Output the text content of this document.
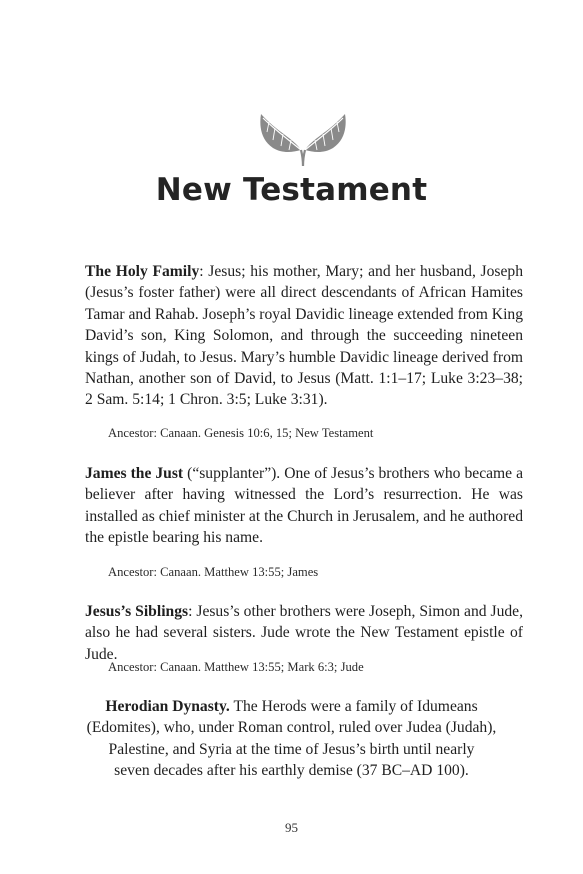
New Testament
The Holy Family: Jesus; his mother, Mary; and her husband, Joseph (Jesus’s foster father) were all direct descendants of African Hamites Tamar and Rahab. Joseph’s royal Davidic lineage extended from King David’s son, King Solomon, and through the succeeding nineteen kings of Judah, to Jesus. Mary’s humble Davidic lineage derived from Nathan, another son of David, to Jesus (Matt. 1:1–17; Luke 3:23–38; 2 Sam. 5:14; 1 Chron. 3:5; Luke 3:31).
Ancestor: Canaan. Genesis 10:6, 15; New Testament
James the Just (“supplanter”). One of Jesus’s brothers who became a believer after having witnessed the Lord’s resurrection. He was installed as chief minister at the Church in Jerusalem, and he authored the epistle bearing his name.
Ancestor: Canaan. Matthew 13:55; James
Jesus’s Siblings: Jesus’s other brothers were Joseph, Simon and Jude, also he had several sisters. Jude wrote the New Testament epistle of Jude.
Ancestor: Canaan. Matthew 13:55; Mark 6:3; Jude
Herodian Dynasty. The Herods were a family of Idumeans
(Edomites), who, under Roman control, ruled over Judea (Judah),
Palestine, and Syria at the time of Jesus’s birth until nearly
seven decades after his earthly demise (37 BC–AD 100).
95
